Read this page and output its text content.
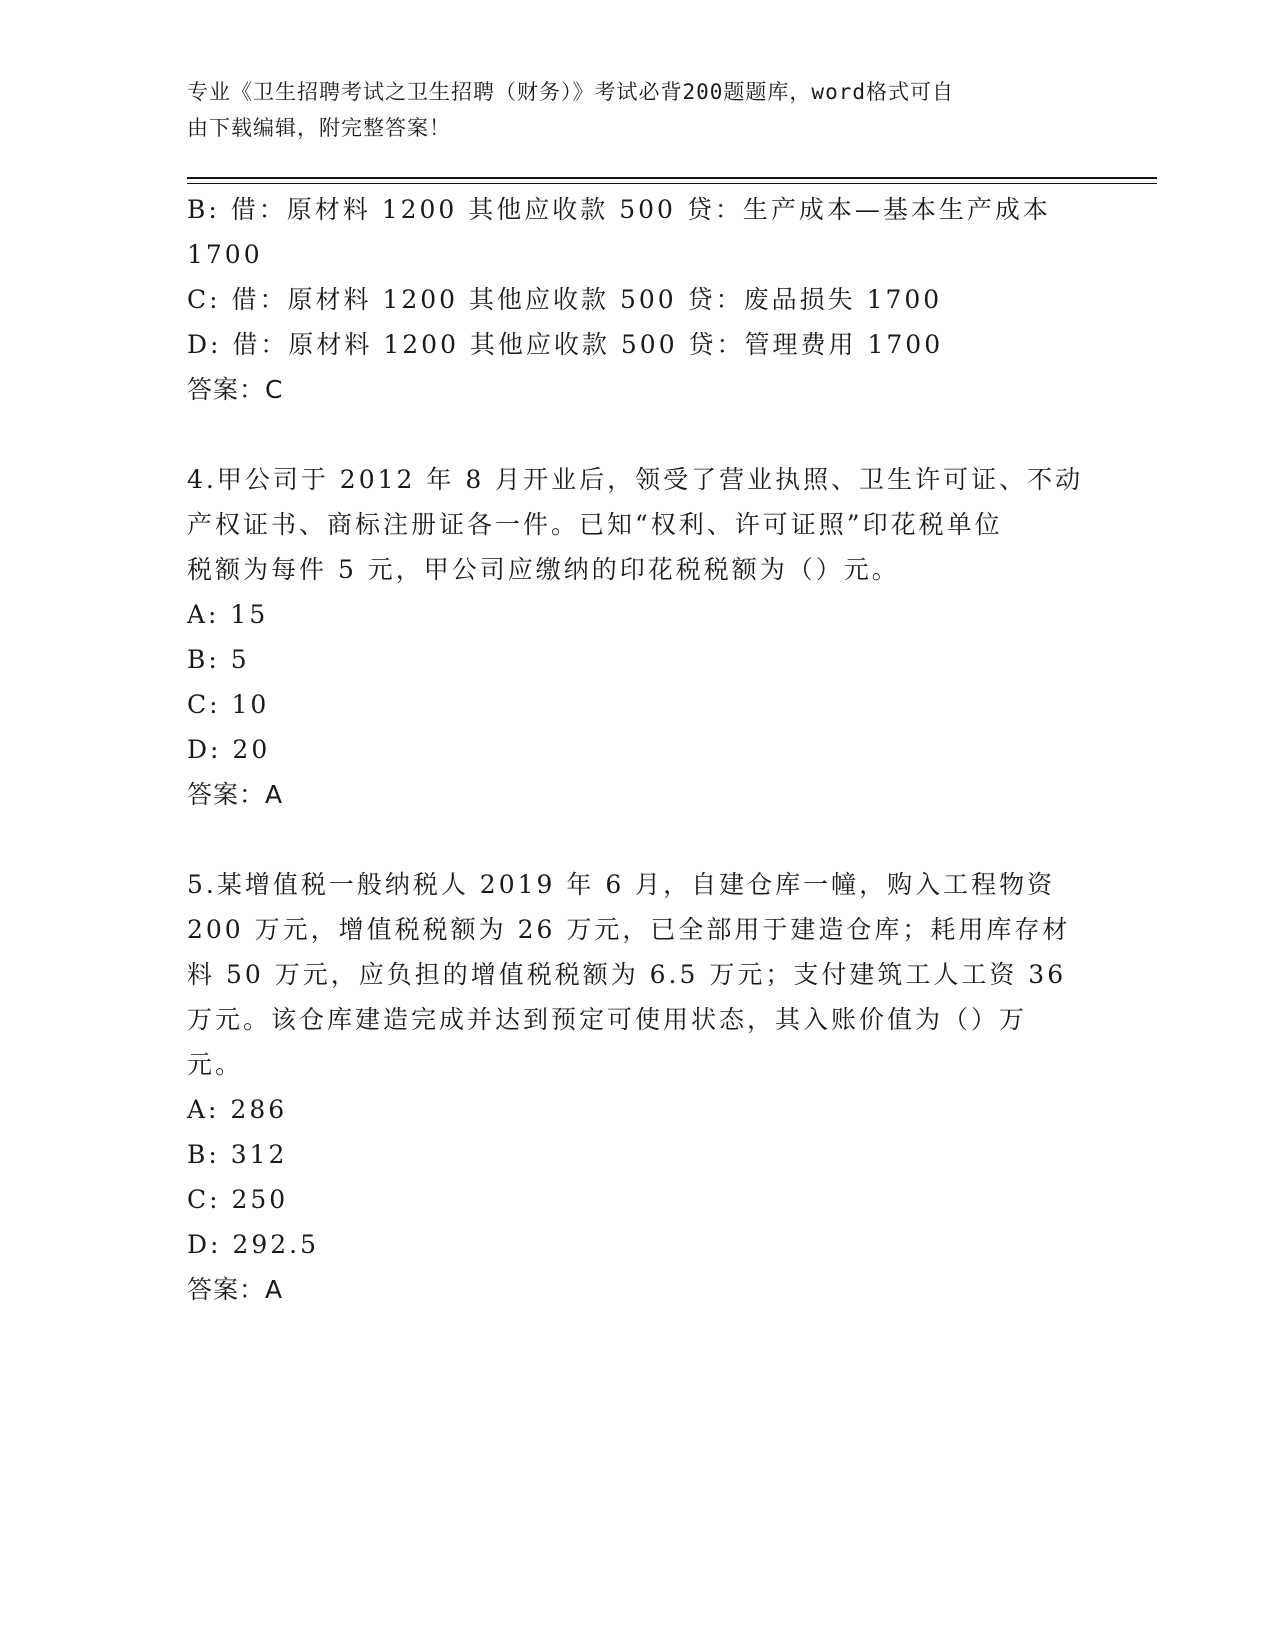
专业《卫生招聘考试之卫生招聘（财务）》考试必背200题题库，word格式可自
由下载编辑，附完整答案！
B: 借：原材料 1200 其他应收款 500 贷：生产成本—基本生产成本
1700
C: 借：原材料 1200 其他应收款 500 贷：废品损失 1700
D: 借：原材料 1200 其他应收款 500 贷：管理费用 1700
答案：C
4.甲公司于 2012 年 8 月开业后，领受了营业执照、卫生许可证、不动
产权证书、商标注册证各一件。已知“权利、许可证照”印花税单位
税额为每件 5 元，甲公司应缴纳的印花税税额为（）元。
A: 15
B: 5
C: 10
D: 20
答案：A
5.某增值税一般纳税人 2019 年 6 月，自建仓库一幢，购入工程物资
200 万元，增值税税额为 26 万元，已全部用于建造仓库；耗用库存材
料 50 万元，应负担的增值税税额为 6.5 万元；支付建筑工人工资 36
万元。该仓库建造完成并达到预定可使用状态，其入账价值为（）万
元。
A: 286
B: 312
C: 250
D: 292.5
答案：A
